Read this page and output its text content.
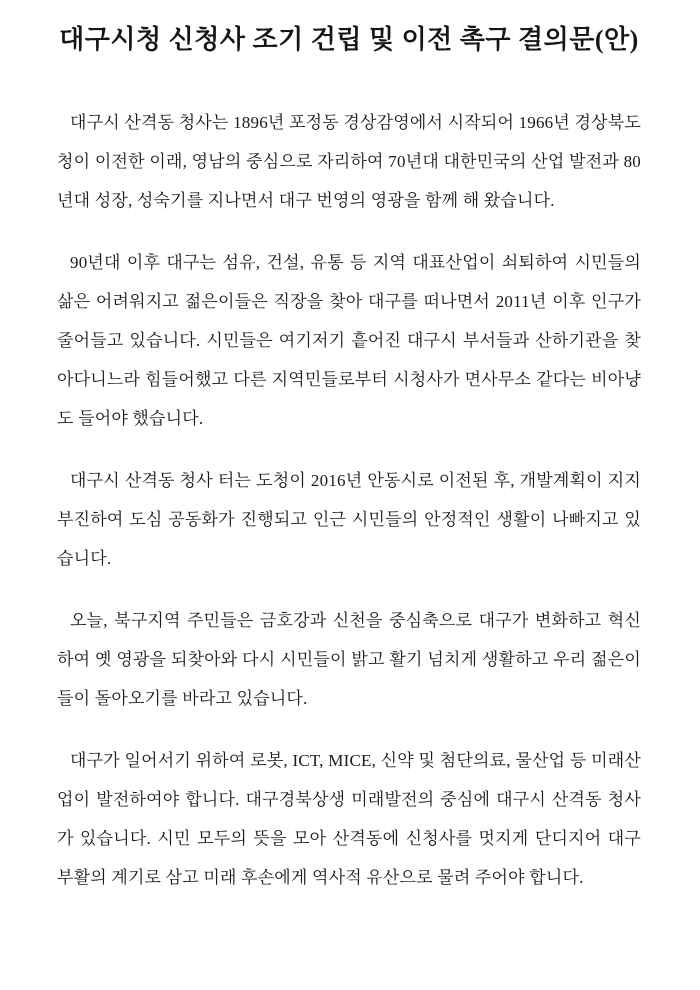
대구시청 신청사 조기 건립 및 이전 촉구 결의문(안)

대구시 산격동 청사는 1896년 포정동 경상감영에서 시작되어 1966년 경상북도청이 이전한 이래, 영남의 중심으로 자리하여 70년대 대한민국의 산업 발전과 80년대 성장, 성숙기를 지나면서 대구 번영의 영광을 함께 해 왔습니다.

90년대 이후 대구는 섬유, 건설, 유통 등 지역 대표산업이 쇠퇴하여 시민들의 삶은 어려워지고 젊은이들은 직장을 찾아 대구를 떠나면서 2011년 이후 인구가 줄어들고 있습니다. 시민들은 여기저기 흩어진 대구시 부서들과 산하기관을 찾아다니느라 힘들어했고 다른 지역민들로부터 시청사가 면사무소 같다는 비아냥도 들어야 했습니다.

대구시 산격동 청사 터는 도청이 2016년 안동시로 이전된 후, 개발계획이 지지부진하여 도심 공동화가 진행되고 인근 시민들의 안정적인 생활이 나빠지고 있습니다.

오늘, 북구지역 주민들은 금호강과 신천을 중심축으로 대구가 변화하고 혁신하여 옛 영광을 되찾아와 다시 시민들이 밝고 활기 넘치게 생활하고 우리 젊은이들이 돌아오기를 바라고 있습니다.

대구가 일어서기 위하여 로봇, ICT, MICE, 신약 및 첨단의료, 물산업 등 미래산업이 발전하여야 합니다. 대구경북상생 미래발전의 중심에 대구시 산격동 청사가 있습니다. 시민 모두의 뜻을 모아 산격동에 신청사를 멋지게 단디지어 대구 부활의 계기로 삼고 미래 후손에게 역사적 유산으로 물려 주어야 합니다.
